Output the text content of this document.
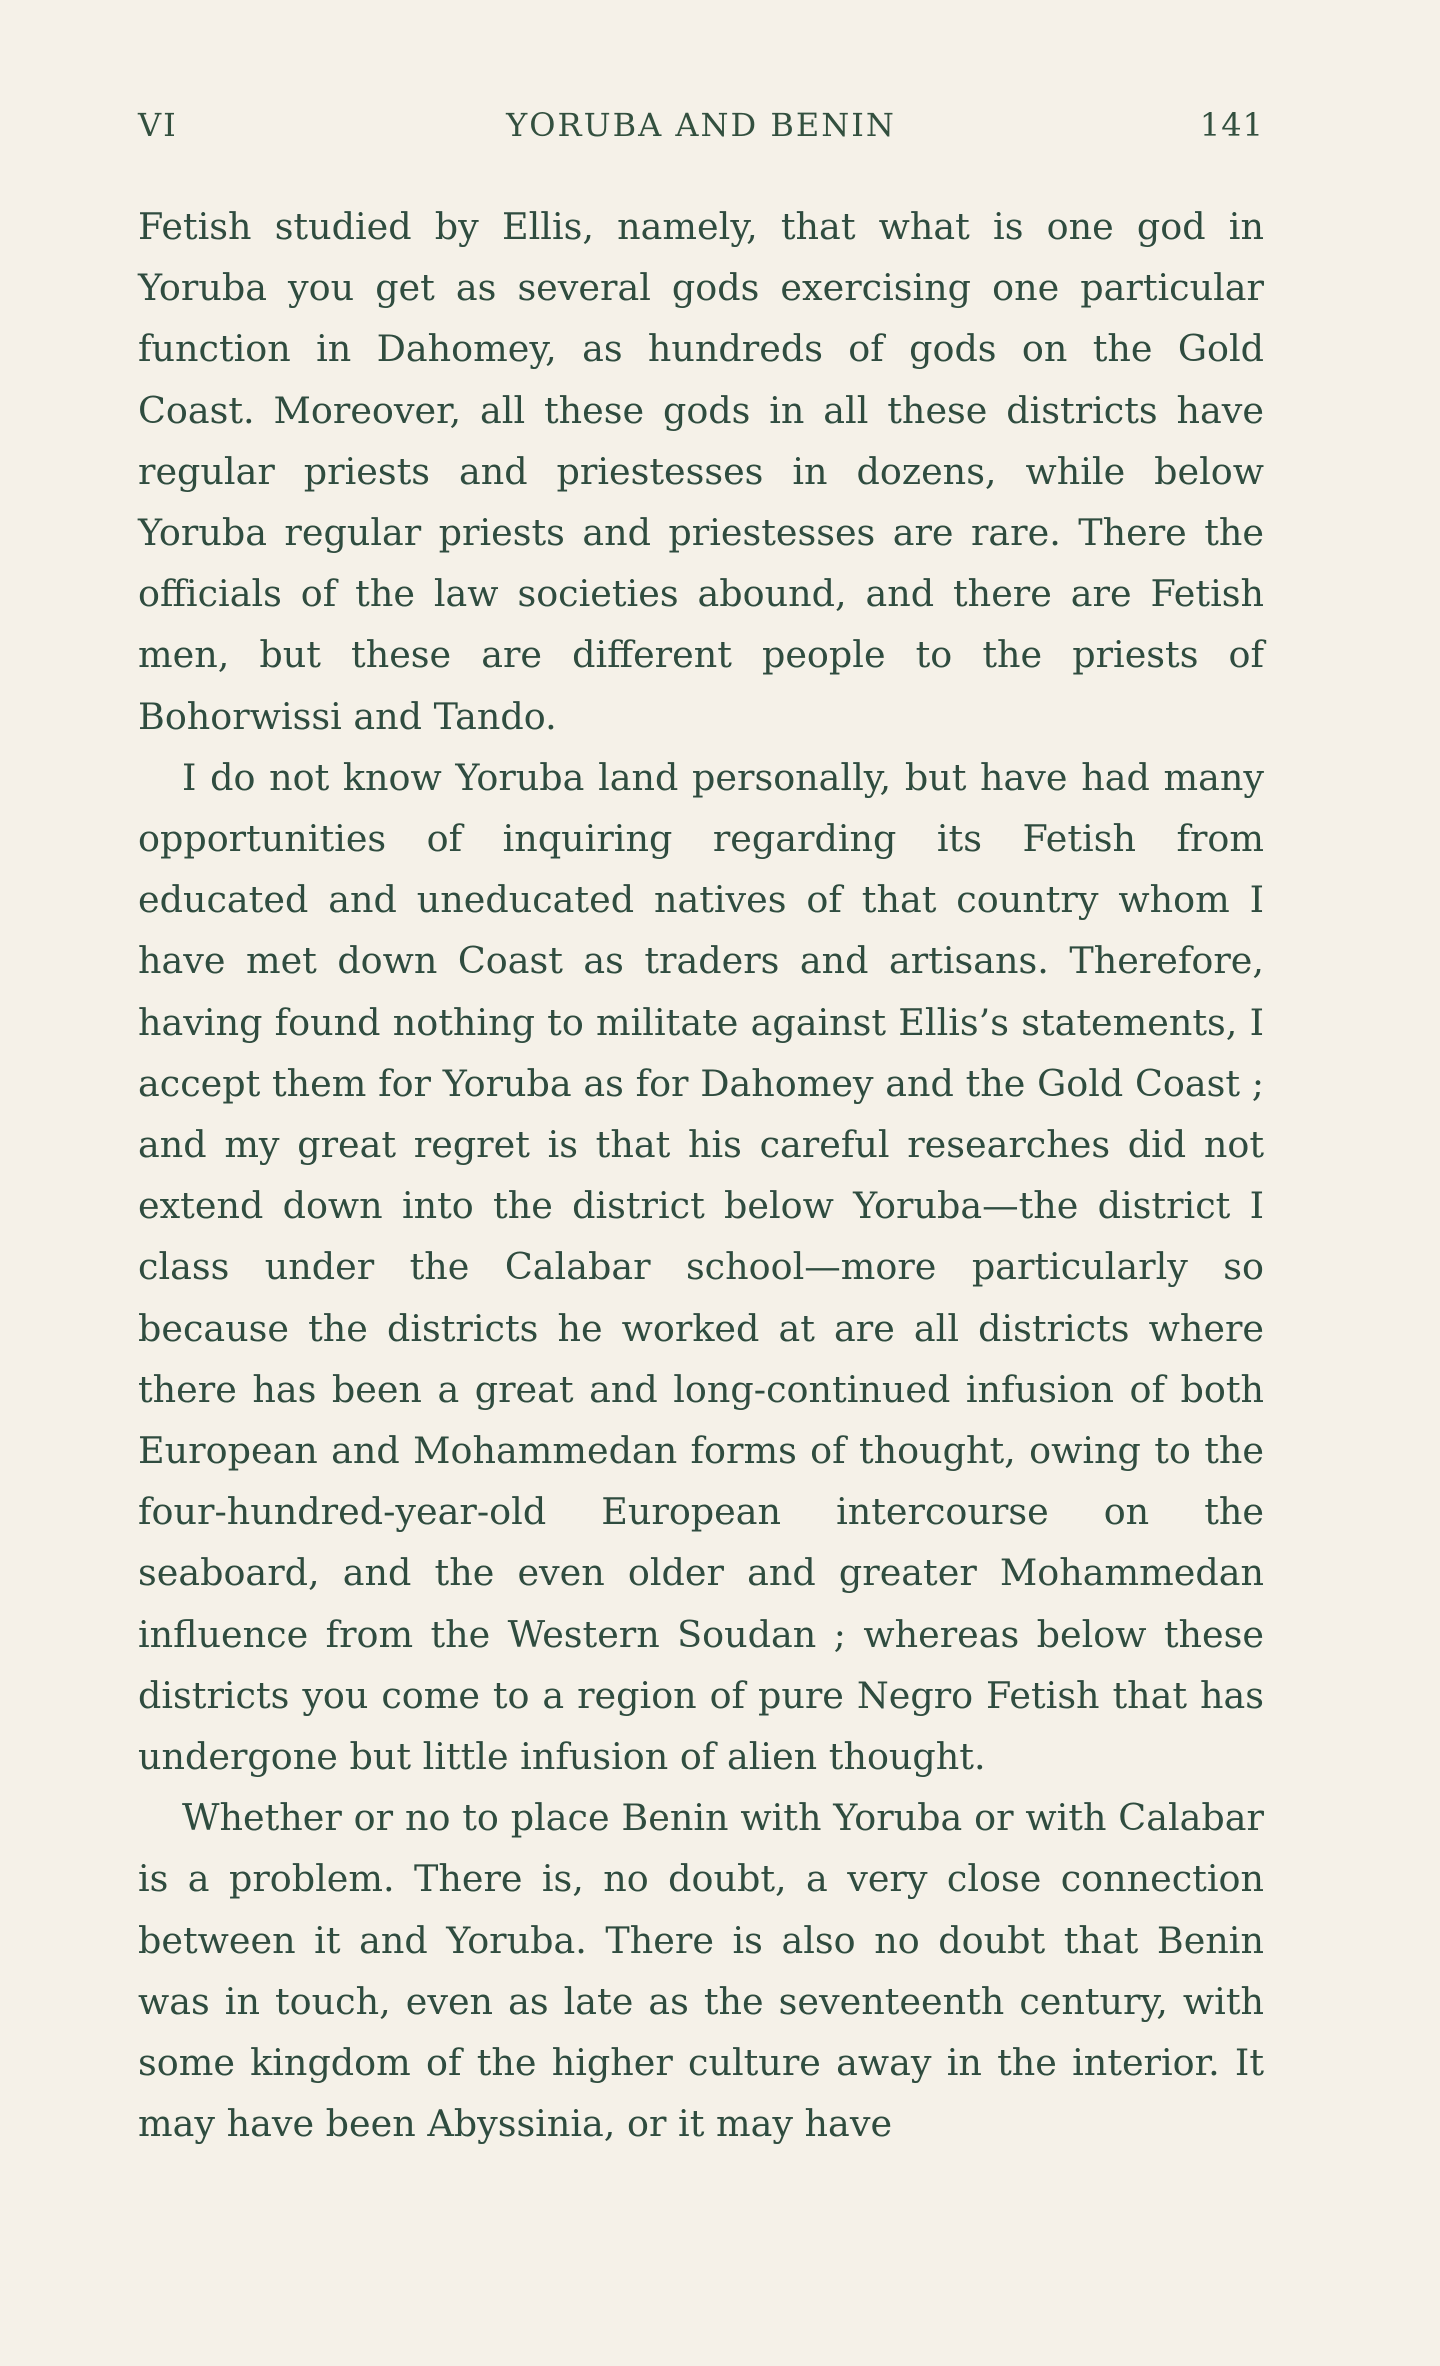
VI	YORUBA AND BENIN	141

Fetish studied by Ellis, namely, that what is one god in Yoruba you get as several gods exercising one particular function in Dahomey, as hundreds of gods on the Gold Coast. Moreover, all these gods in all these districts have regular priests and priestesses in dozens, while below Yoruba regular priests and priestesses are rare. There the officials of the law societies abound, and there are Fetish men, but these are different people to the priests of Bohorwissi and Tando.

I do not know Yoruba land personally, but have had many opportunities of inquiring regarding its Fetish from educated and uneducated natives of that country whom I have met down Coast as traders and artisans. Therefore, having found nothing to militate against Ellis’s statements, I accept them for Yoruba as for Dahomey and the Gold Coast ; and my great regret is that his careful researches did not extend down into the district below Yoruba—the district I class under the Calabar school—more particularly so because the districts he worked at are all districts where there has been a great and long-continued infusion of both European and Mohammedan forms of thought, owing to the four-hundred-year-old European intercourse on the seaboard, and the even older and greater Mohammedan influence from the Western Soudan ; whereas below these districts you come to a region of pure Negro Fetish that has undergone but little infusion of alien thought.

Whether or no to place Benin with Yoruba or with Calabar is a problem. There is, no doubt, a very close connection between it and Yoruba. There is also no doubt that Benin was in touch, even as late as the seventeenth century, with some kingdom of the higher culture away in the interior. It may have been Abyssinia, or it may have
